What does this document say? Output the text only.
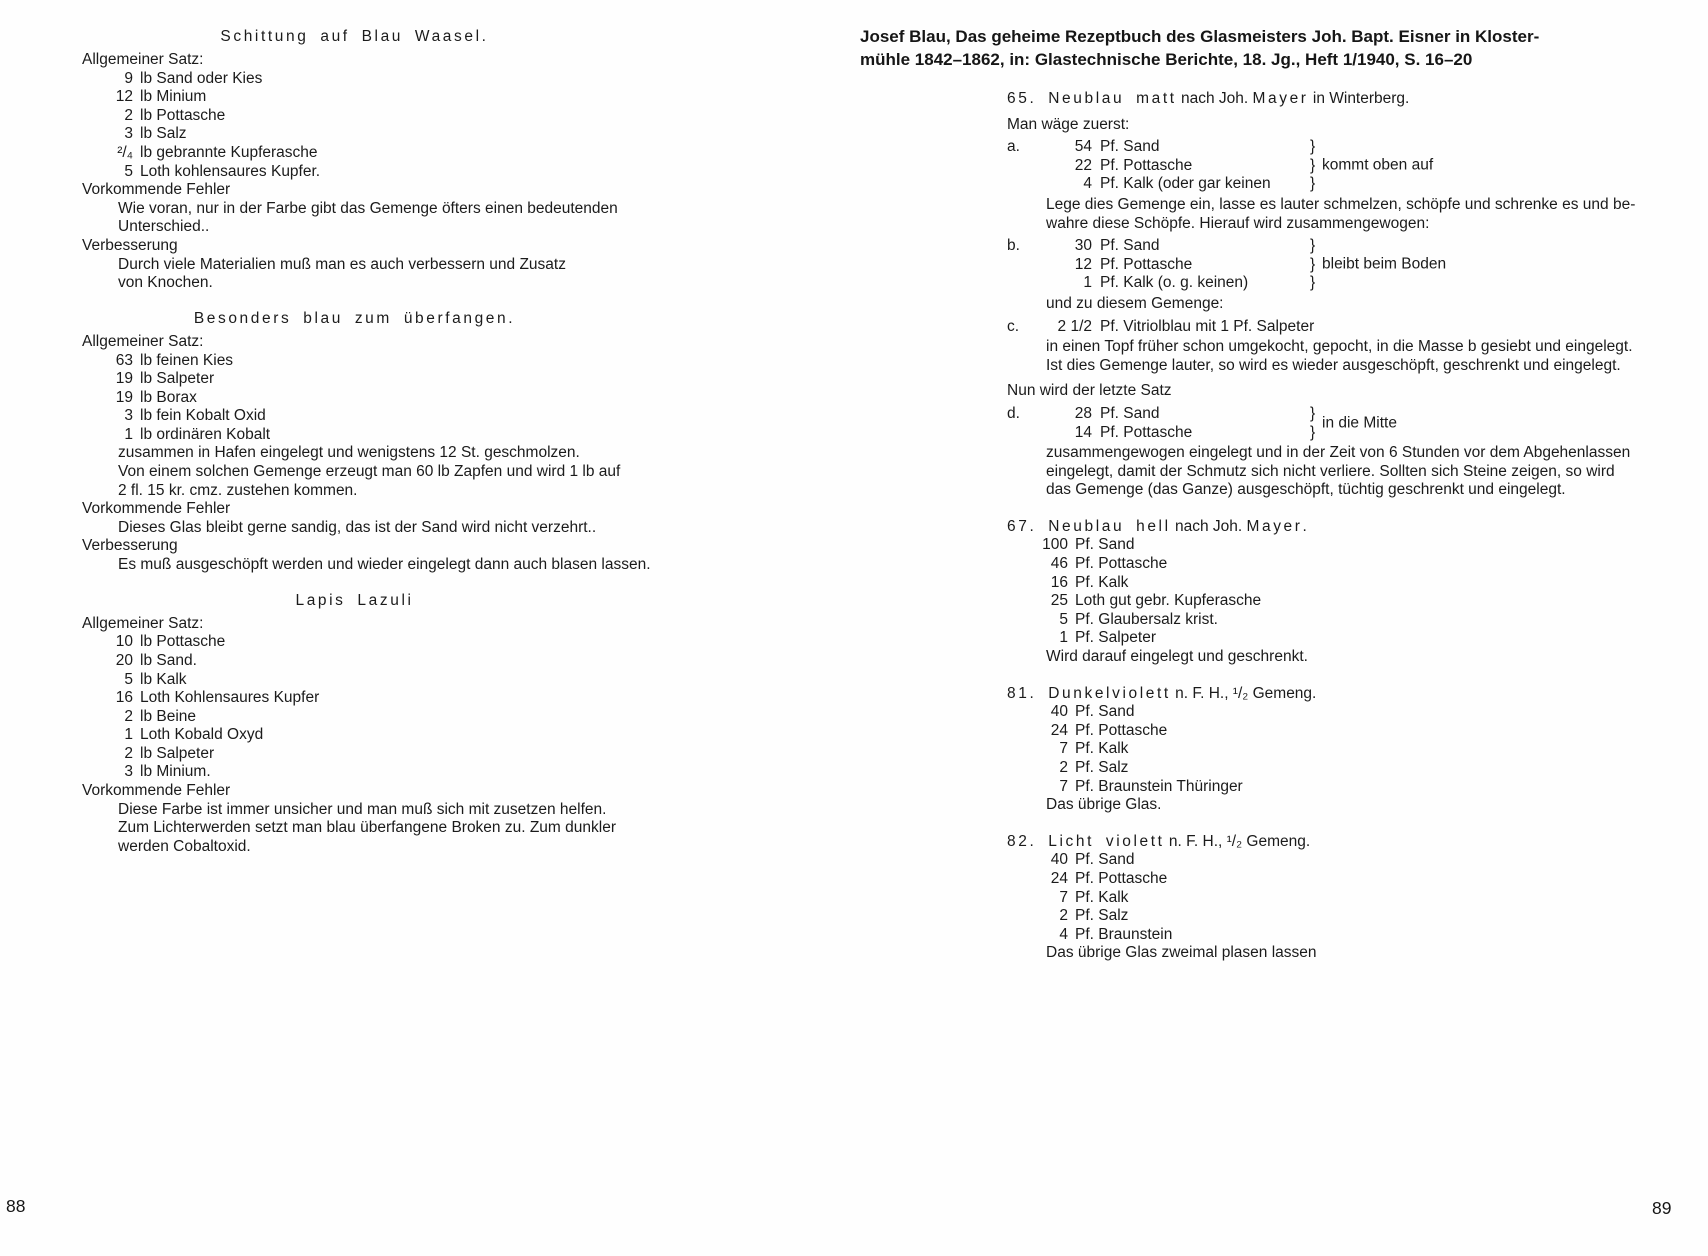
Schittung auf Blau Waasel.
Allgemeiner Satz:
9 lb Sand oder Kies
12 lb Minium
2 lb Pottasche
3 lb Salz
²/₄ lb gebrannte Kupferasche
5 Loth kohlensaures Kupfer.
Vorkommende Fehler
Wie voran, nur in der Farbe gibt das Gemenge öfters einen bedeutenden
Unterschied..
Verbesserung
Durch viele Materialien muß man es auch verbessern und Zusatz
von Knochen.
Besonders blau zum überfangen.
Allgemeiner Satz:
63 lb feinen Kies
19 lb Salpeter
19 lb Borax
3 lb fein Kobalt Oxid
1 lb ordinären Kobalt
zusammen in Hafen eingelegt und wenigstens 12 St. geschmolzen.
Von einem solchen Gemenge erzeugt man 60 lb Zapfen und wird 1 lb auf
2 fl. 15 kr. cmz. zustehen kommen.
Vorkommende Fehler
Dieses Glas bleibt gerne sandig, das ist der Sand wird nicht verzehrt..
Verbesserung
Es muß ausgeschöpft werden und wieder eingelegt dann auch blasen lassen.
Lapis Lazuli
Allgemeiner Satz:
10 lb Pottasche
20 lb Sand.
5 lb Kalk
16 Loth Kohlensaures Kupfer
2 lb Beine
1 Loth Kobald Oxyd
2 lb Salpeter
3 lb Minium.
Vorkommende Fehler
Diese Farbe ist immer unsicher und man muß sich mit zusetzen helfen.
Zum Lichterwerden setzt man blau überfangene Broken zu. Zum dunkler
werden Cobaltoxid.
Josef Blau, Das geheime Rezeptbuch des Glasmeisters Joh. Bapt. Eisner in Kloster-
mühle 1842–1862, in: Glastechnische Berichte, 18. Jg., Heft 1/1940, S. 16–20
65. Neublau matt nach Joh. Mayer in Winterberg.
Man wäge zuerst:
a.	54 Pf. Sand	}
22 Pf. Pottasche	}
4 Pf. Kalk (oder gar keinen	}
kommt oben auf
Lege dies Gemenge ein, lasse es lauter schmelzen, schöpfe und schrenke es und be-
wahre diese Schöpfe. Hierauf wird zusammengewogen:
b.	30 Pf. Sand	}
12 Pf. Pottasche	}
1 Pf. Kalk (o. g. keinen)	}
bleibt beim Boden
und zu diesem Gemenge:
c.	2 1/2 Pf. Vitriolblau mit 1 Pf. Salpeter
in einen Topf früher schon umgekocht, gepocht, in die Masse b gesiebt und eingelegt.
Ist dies Gemenge lauter, so wird es wieder ausgeschöpft, geschrenkt und eingelegt.
Nun wird der letzte Satz
d.	28 Pf. Sand	}
14 Pf. Pottasche	}
in die Mitte
zusammengewogen eingelegt und in der Zeit von 6 Stunden vor dem Abgehenlassen
eingelegt, damit der Schmutz sich nicht verliere. Sollten sich Steine zeigen, so wird
das Gemenge (das Ganze) ausgeschöpft, tüchtig geschrenkt und eingelegt.
67. Neublau hell nach Joh. Mayer.
100 Pf. Sand
46 Pf. Pottasche
16 Pf. Kalk
25 Loth gut gebr. Kupferasche
5 Pf. Glaubersalz krist.
1 Pf. Salpeter
Wird darauf eingelegt und geschrenkt.
81. Dunkelviolett n. F. H., ¹/₂ Gemeng.
40 Pf. Sand
24 Pf. Pottasche
7 Pf. Kalk
2 Pf. Salz
7 Pf. Braunstein Thüringer
Das übrige Glas.
82. Licht violett n. F. H., ¹/₂ Gemeng.
40 Pf. Sand
24 Pf. Pottasche
7 Pf. Kalk
2 Pf. Salz
4 Pf. Braunstein
Das übrige Glas zweimal plasen lassen
88	89
